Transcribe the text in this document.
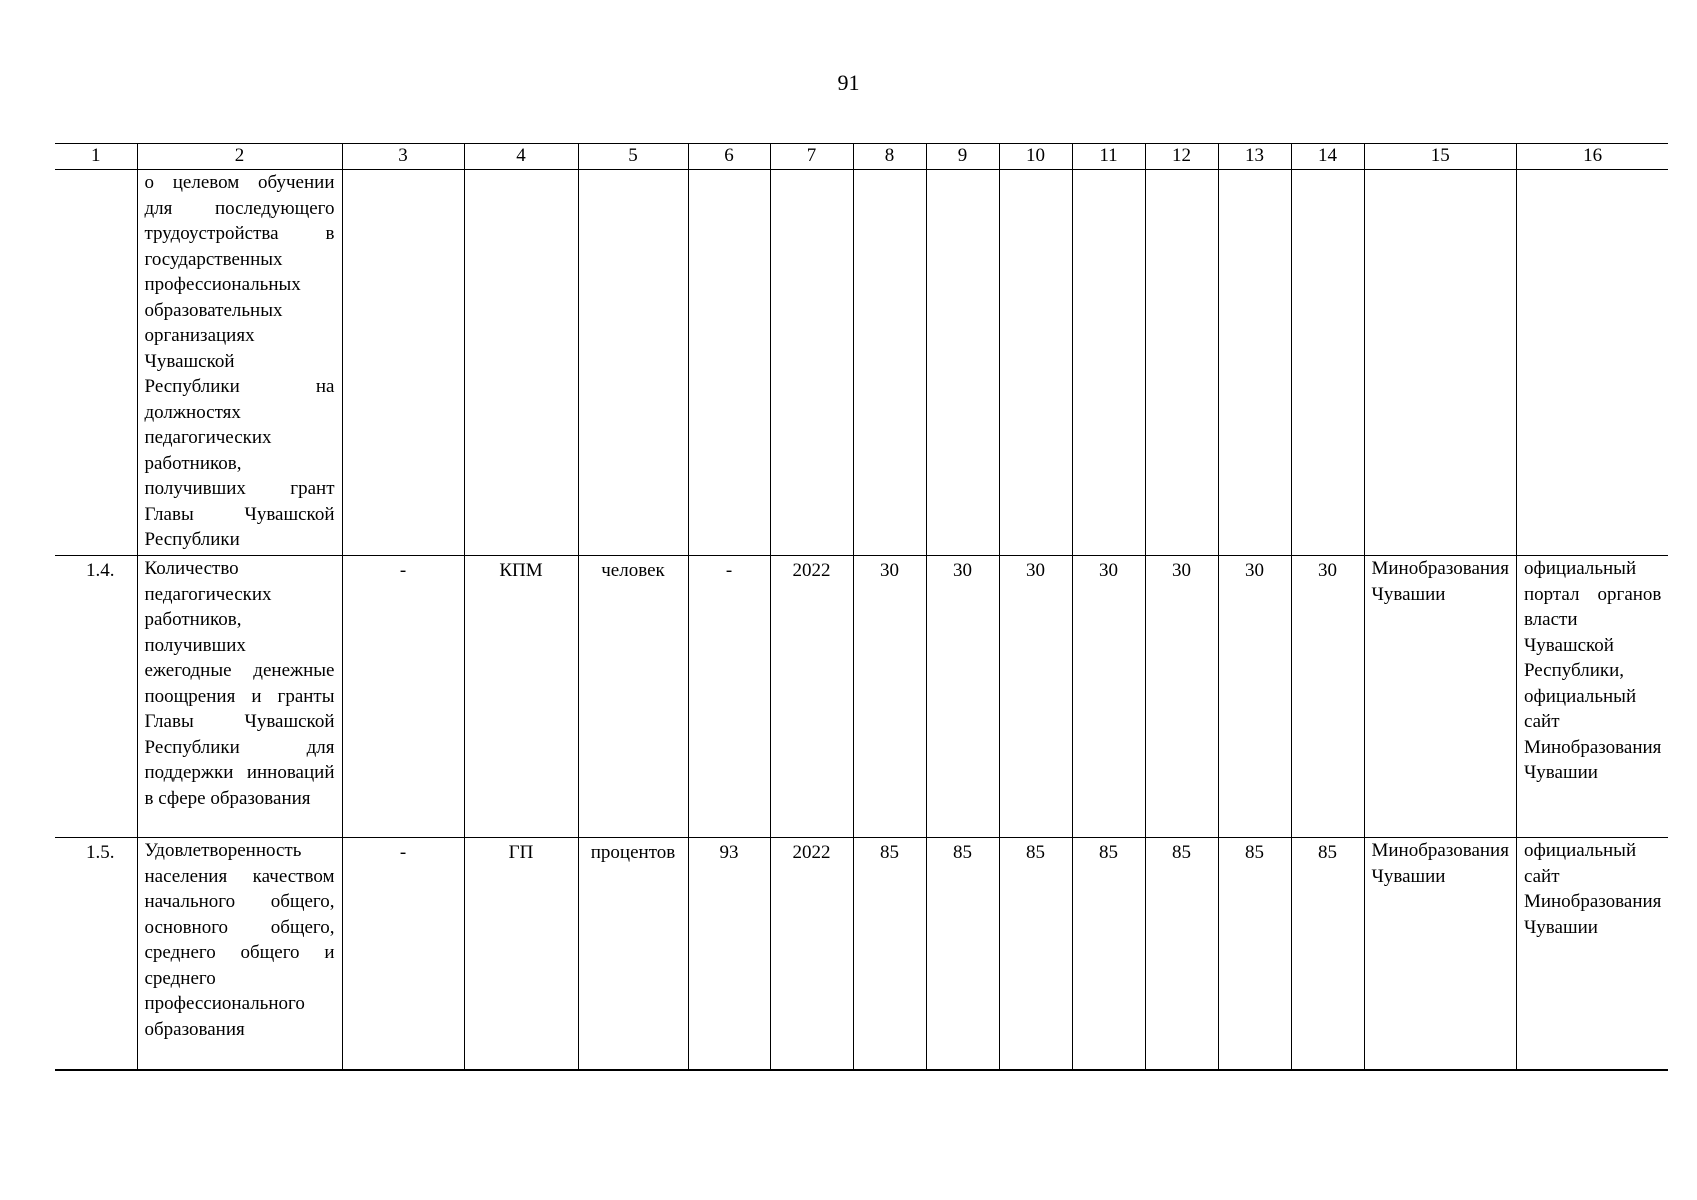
91
1	2	3	4	5	6	7	8	9	10	11	12	13	14	15	16
	о целевом обучении для последующего трудоустройства в государственных профессиональных образовательных организациях Чувашской Республики на должностях педагогических работников, получивших грант Главы Чувашской Республики														
1.4.	Количество педагогических работников, получивших ежегодные денежные поощрения и гранты Главы Чувашской Республики для поддержки инноваций в сфере образования	-	КПМ	человек	-	2022	30	30	30	30	30	30	30	Минобразования Чувашии	официальный портал органов власти Чувашской Республики, официальный сайт Минобразования Чувашии
1.5.	Удовлетворенность населения качеством начального общего, основного общего, среднего общего и среднего профессионального образования	-	ГП	процентов	93	2022	85	85	85	85	85	85	85	Минобразования Чувашии	официальный сайт Минобразования Чувашии
